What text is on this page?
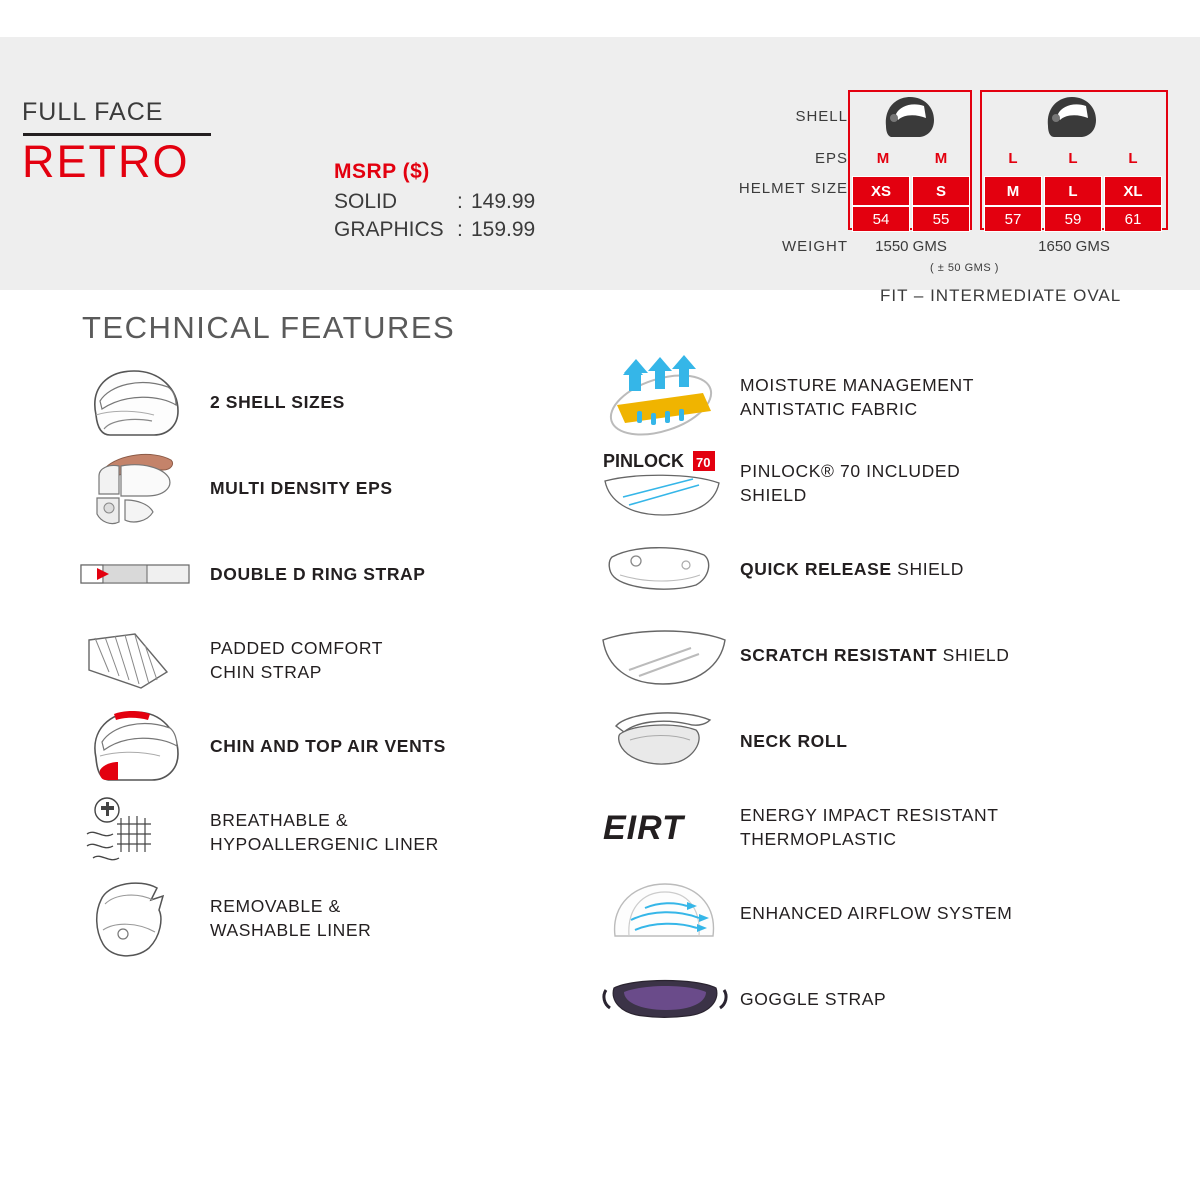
FULL FACE
RETRO	MSRP ($)
SOLID	: 149.99
GRAPHICS : 159.99
SHELL
EPS	M	M	L	L	L
HELMET SIZE	XS	S	M	L	XL
54	55	57	59	61
WEIGHT	1550 GMS	1650 GMS
( ± 50 GMS )
FIT – INTERMEDIATE OVAL
TECHNICAL FEATURES
2 SHELL SIZES
MULTI DENSITY EPS
DOUBLE D RING STRAP
PADDED COMFORT
CHIN STRAP
CHIN AND TOP AIR VENTS
BREATHABLE &
HYPOALLERGENIC LINER
REMOVABLE &
WASHABLE LINER
MOISTURE MANAGEMENT
ANTISTATIC FABRIC
PINLOCK 70 PINLOCK® 70 INCLUDED
SHIELD
QUICK RELEASE SHIELD
SCRATCH RESISTANT SHIELD
NECK ROLL
EIRT	ENERGY IMPACT RESISTANT
THERMOPLASTIC
ENHANCED AIRFLOW SYSTEM
GOGGLE STRAP
